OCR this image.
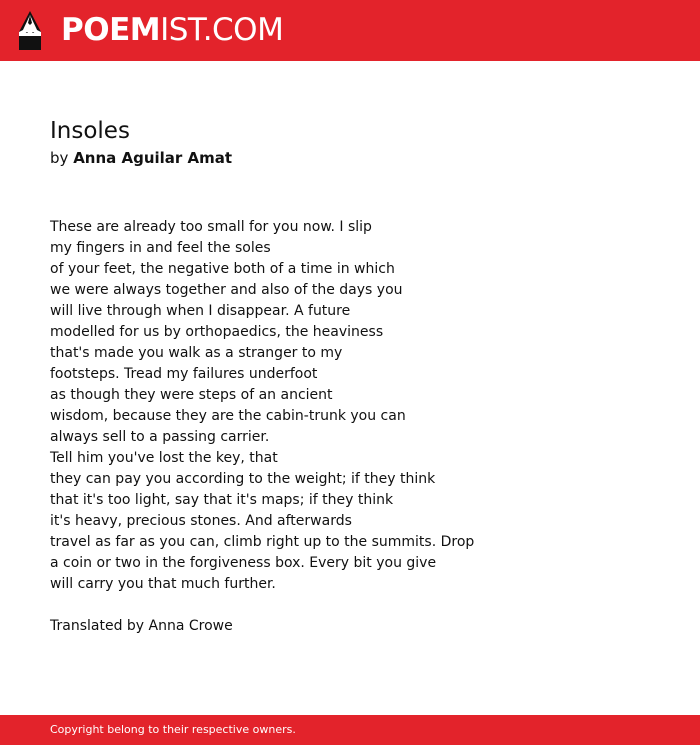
POEMIST.COM
Insoles

by Anna Aguilar Amat

These are already too small for you now. I slip
my fingers in and feel the soles
of your feet, the negative both of a time in which
we were always together and also of the days you
will live through when I disappear. A future
modelled for us by orthopaedics, the heaviness
that's made you walk as a stranger to my
footsteps. Tread my failures underfoot
as though they were steps of an ancient
wisdom, because they are the cabin-trunk you can
always sell to a passing carrier.
Tell him you've lost the key, that
they can pay you according to the weight; if they think
that it's too light, say that it's maps; if they think
it's heavy, precious stones. And afterwards
travel as far as you can, climb right up to the summits. Drop
a coin or two in the forgiveness box. Every bit you give
will carry you that much further.
Translated by Anna Crowe
Copyright belong to their respective owners.
